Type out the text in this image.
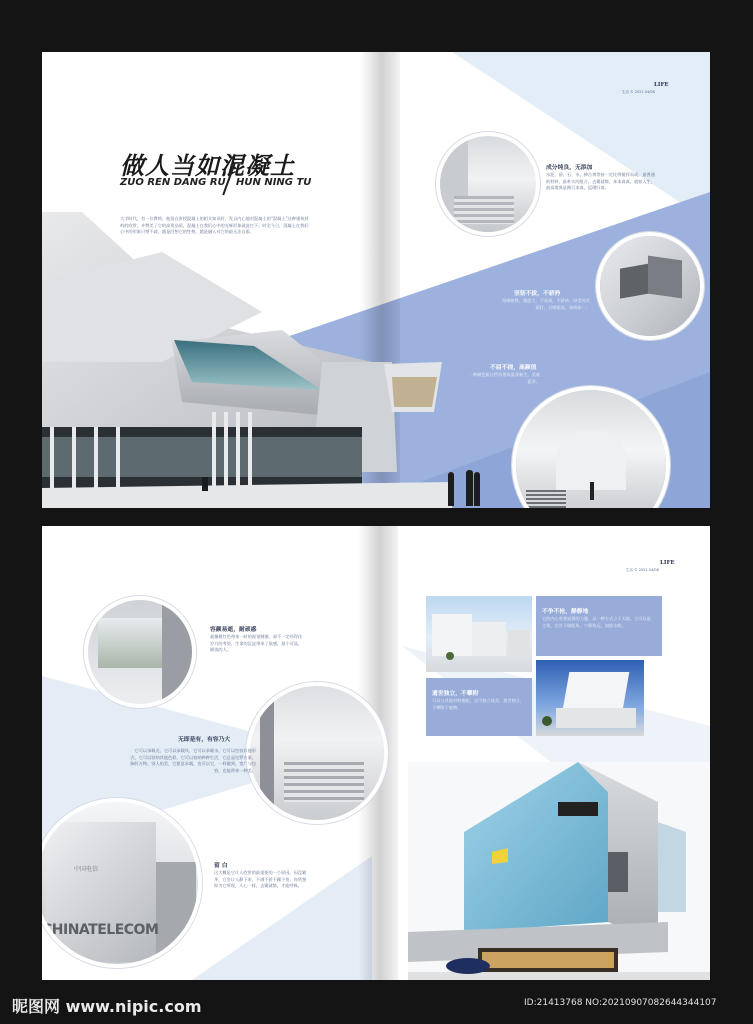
做人当如混凝土
ZUO REN DANG RU HUN NING TU
大学时代，有一位教师，他留在讲授混凝土的相关知识时，发自内心地对混凝土的“混凝土”这种建筑材料的欣赏，并赞美了它的高贵品质，混凝土在我们心中的光辉形象就此打下。时至今日，混凝土在我们心中的形象只增不减，越是回想它的性格，越是融入对它的最无法自拔。
LIFE
生活 © 2021 04/08
成分纯良，无添加
水泥、砂、石、水，掺合剂等按一定比例搅拌而成。最普通的材料，最朴实的组合。去繁就简，本本真真。就如人生，最高境界是践行本真，返璞归真。
坚韧不拔，不骄矜
坚硬如铁，强度大，不易损，不骄矜。经受风吹雨打，日晒霜冻，始终如一。
不屈不挠，高颜值
一种颜色能让所有建筑重获新生，美观素净。
中国电信
CHINATELECOM
容颜易逝，耐顽惑
就像桃红色带来一时的视觉刺激，却不一定经得住岁月的考验，生命的沉淀带来了质感，最个可品、耐读的人。
无即是有，有容乃大
它可以承载光，它可以承载风，它可以承载水，它可以包容其他形式，它可以容纳其他色彩，它可以容纳种种生活，它总是包罗万象，胸怀万物。别人的美，它愿意承载，也可以它，一样做到，宽广与包容，也能带来一种美。
留 白
这大概是它让人欣赏的最重要的一个原因，因没繁华，它会让人静下来，不满不骄不躁不怕，你所想即为它所现，人心一样，去繁就简，才能呼吸。
LIFE
生活 © 2021 04/08
不争不抢，静静地
它的内心有着安静的力量，以一种方式立于天地。它可以是主角，也甘于做配角。宁静致远，如流水般。
遗世独立，不攀附
可以与其他材料搭配，也可独立成美，遗世独立，不攀附于他物。
昵图网 www.nipic.com	ID:21413768 NO:20210907082644344107
